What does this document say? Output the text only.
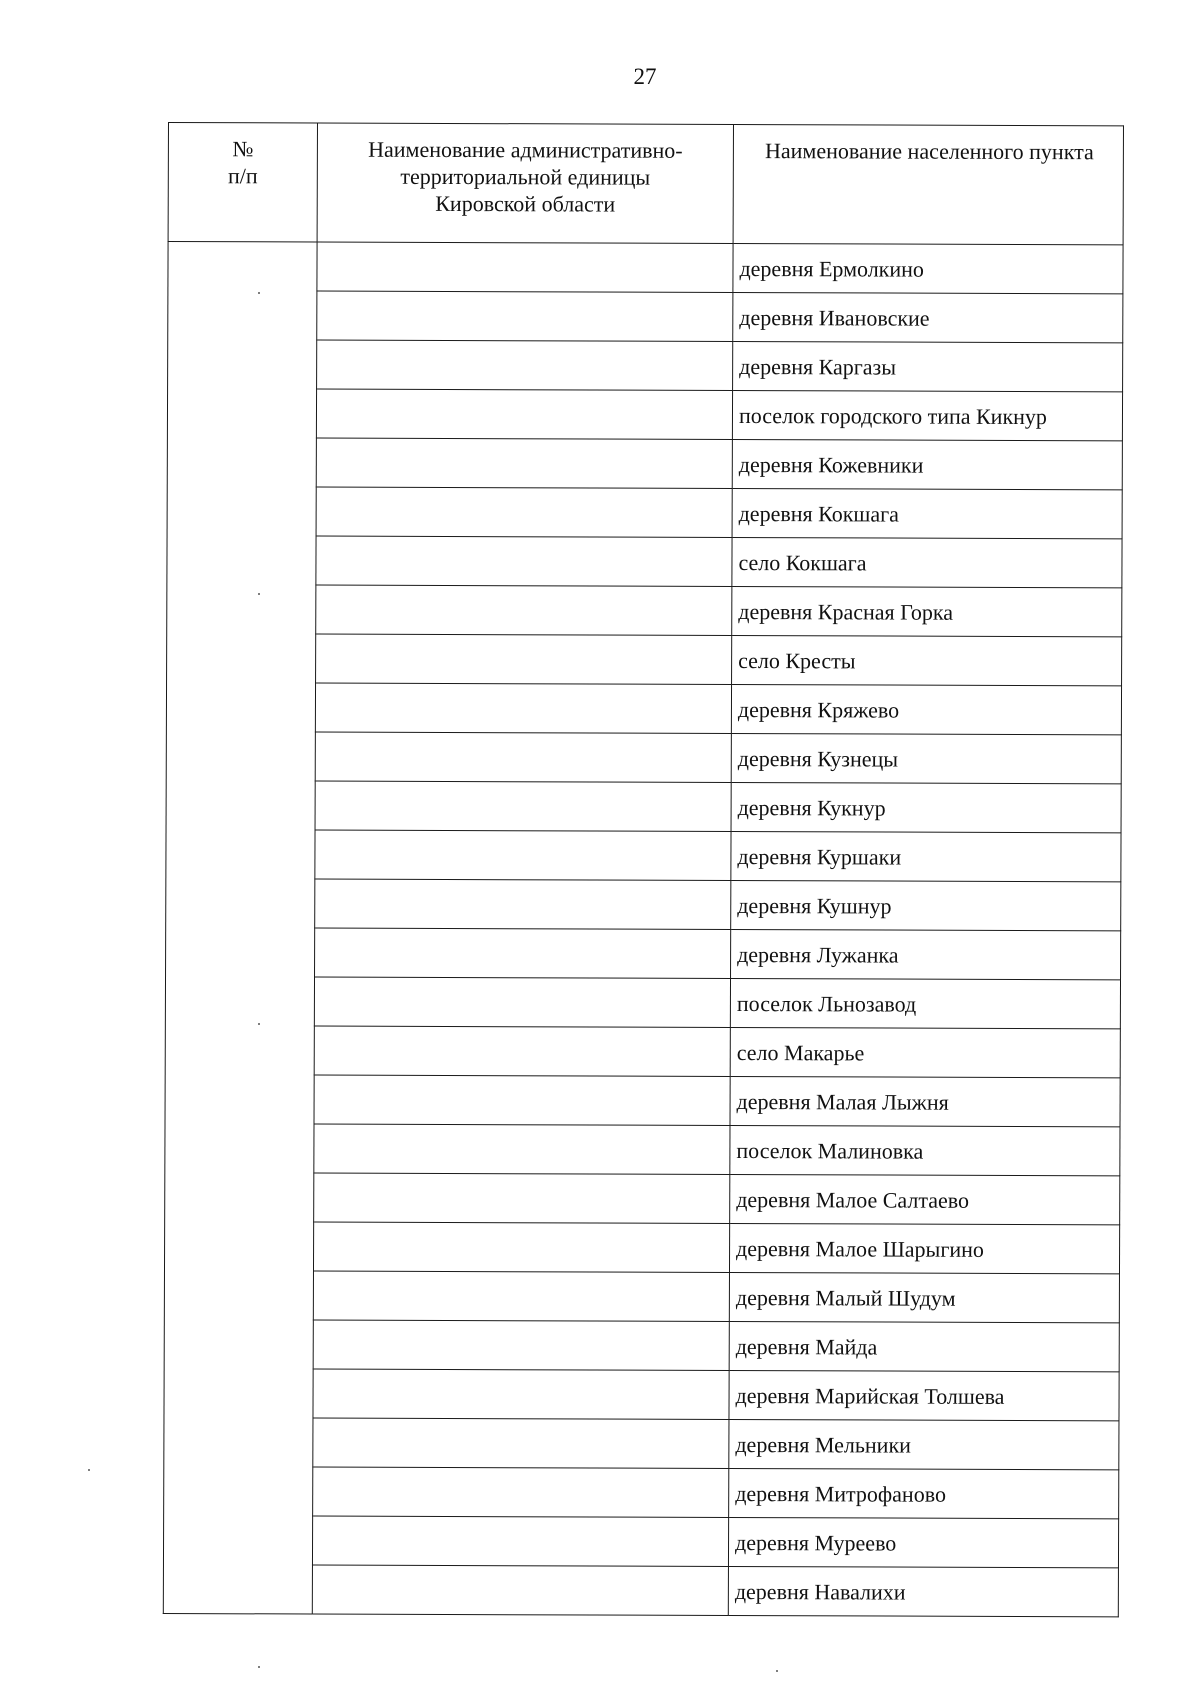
27
№
п/п	Наименование административно-территориальной единицы Кировской области	Наименование населенного пункта
		деревня Ермолкино
		деревня Ивановские
		деревня Каргазы
		поселок городского типа Кикнур
		деревня Кожевники
		деревня Кокшага
		село Кокшага
		деревня Красная Горка
		село Кресты
		деревня Кряжево
		деревня Кузнецы
		деревня Кукнур
		деревня Куршаки
		деревня Кушнур
		деревня Лужанка
		поселок Льнозавод
		село Макарье
		деревня Малая Лыжня
		поселок Малиновка
		деревня Малое Салтаево
		деревня Малое Шарыгино
		деревня Малый Шудум
		деревня Майда
		деревня Марийская Толшева
		деревня Мельники
		деревня Митрофаново
		деревня Муреево
		деревня Навалихи
